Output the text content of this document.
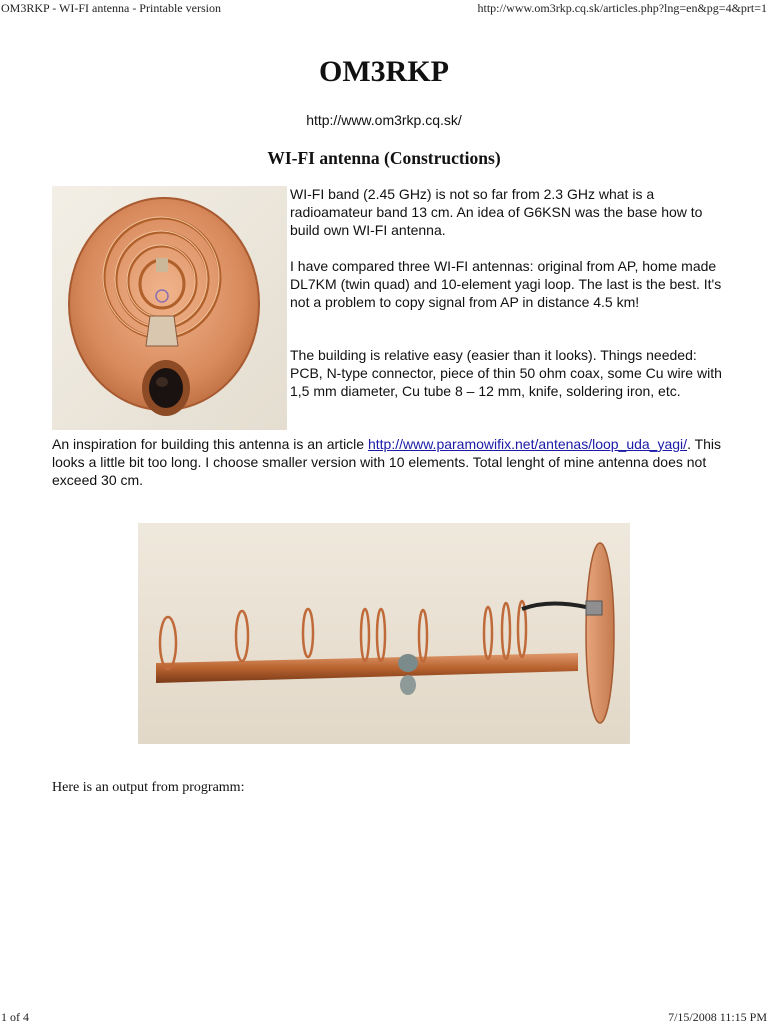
OM3RKP - WI-FI antenna - Printable version	http://www.om3rkp.cq.sk/articles.php?lng=en&pg=4&prt=1
OM3RKP
http://www.om3rkp.cq.sk/
WI-FI antenna (Constructions)
WI-FI band (2.45 GHz) is not so far from 2.3 GHz what is a radioamateur band 13 cm. An idea of G6KSN was the base how to build own WI-FI antenna.
I have compared three WI-FI antennas: original from AP, home made DL7KM (twin quad) and 10-element yagi loop. The last is the best. It's not a problem to copy signal from AP in distance 4.5 km!
The building is relative easy (easier than it looks). Things needed: PCB, N-type connector, piece of thin 50 ohm coax, some Cu wire with 1,5 mm diameter, Cu tube 8 – 12 mm, knife, soldering iron, etc.
An inspiration for building this antenna is an article http://www.paramowifix.net/antenas/loop_uda_yagi/. This looks a little bit too long. I choose smaller version with 10 elements. Total lenght of mine antenna does not exceed 30 cm.
Here is an output from programm:
1 of 4	7/15/2008 11:15 PM
